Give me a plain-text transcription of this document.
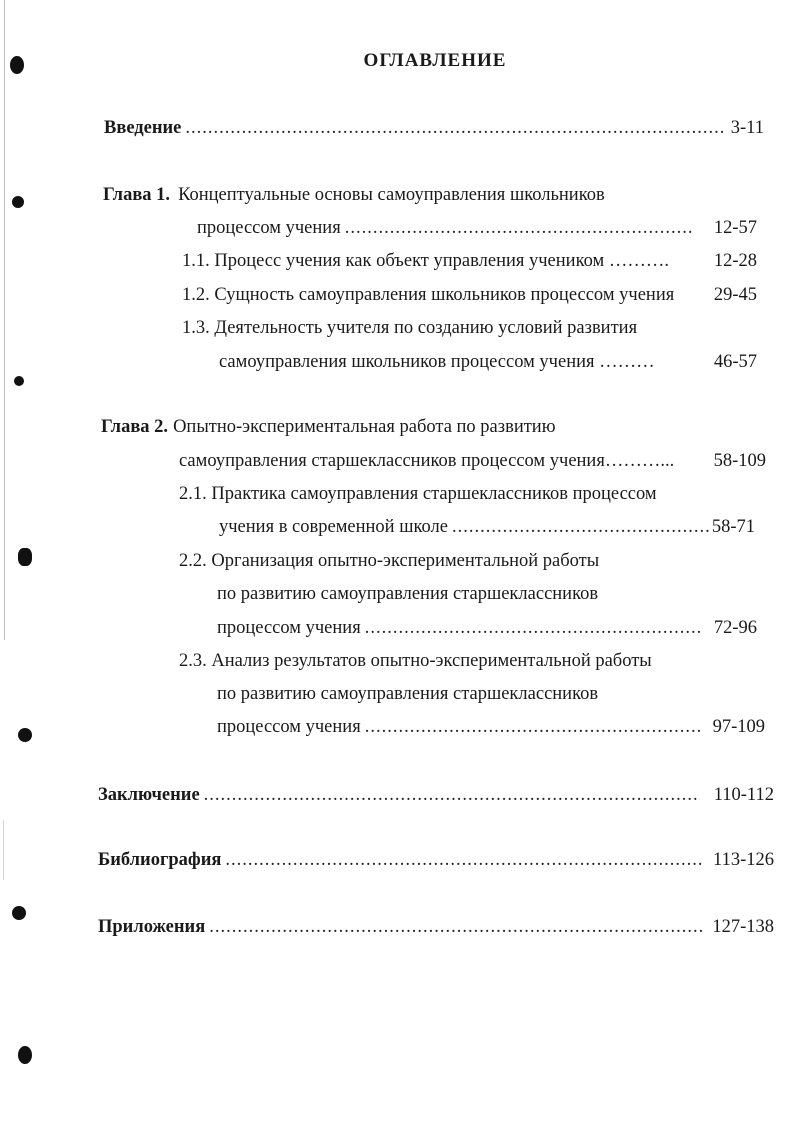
ОГЛАВЛЕНИЕ
Введение .....	3-11
Глава 1. Концептуальные основы самоуправления школьников
процессом учения .....	12-57
1.1. Процесс учения как объект управления учеником ………. 12-28
1.2. Сущность самоуправления школьников процессом учения 29-45
1.3. Деятельность учителя по созданию условий развития
самоуправления школьников процессом учения ………	46-57
Глава 2. Опытно-экспериментальная работа по развитию
самоуправления старшеклассников процессом учения………... 58-109
2.1. Практика самоуправления старшеклассников процессом
учения в современной школе .....	58-71
2.2. Организация опытно-экспериментальной работы
по развитию самоуправления старшеклассников
процессом учения .....	72-96
2.3. Анализ результатов опытно-экспериментальной работы
по развитию самоуправления старшеклассников
процессом учения .....	97-109
Заключение .....	110-112
Библиография .....	113-126
Приложения .....	127-138
